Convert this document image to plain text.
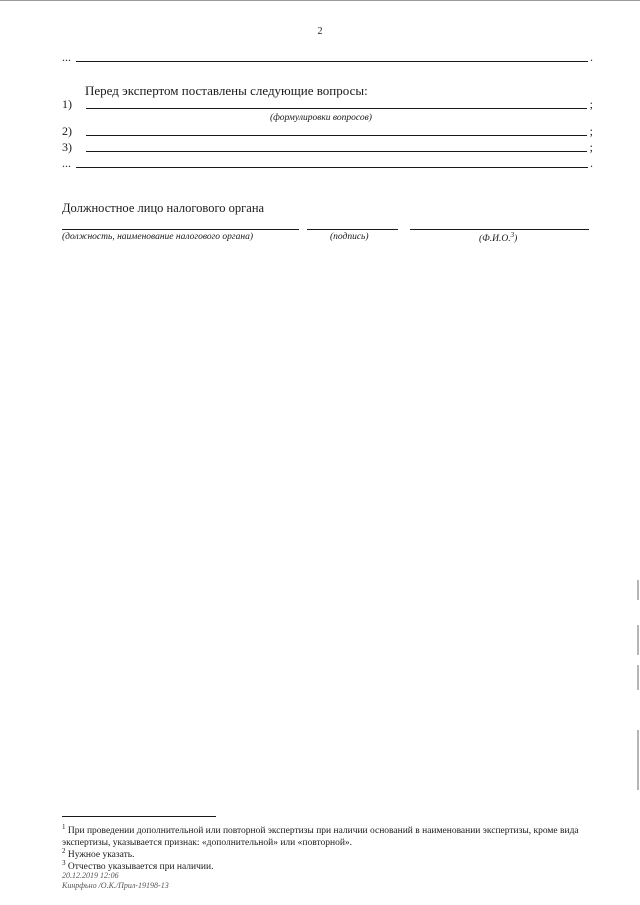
2
...	.
Перед экспертом поставлены следующие вопросы:
1)	;
(формулировки вопросов)
2)	;
3)	;
...	.
Должностное лицо налогового органа
(должность, наименование налогового органа)	(подпись)	(Ф.И.О.$^3$)
$^1$ При проведении дополнительной или повторной экспертизы при наличии оснований в наименовании экспертизы, кроме вида экспертизы, указывается признак: «дополнительной» или «повторной».
$^2$ Нужное указать.
$^3$ Отчество указывается при наличии.
20.12.2019 12:06
Кинрфьно /О.К./Прил-19198-13
